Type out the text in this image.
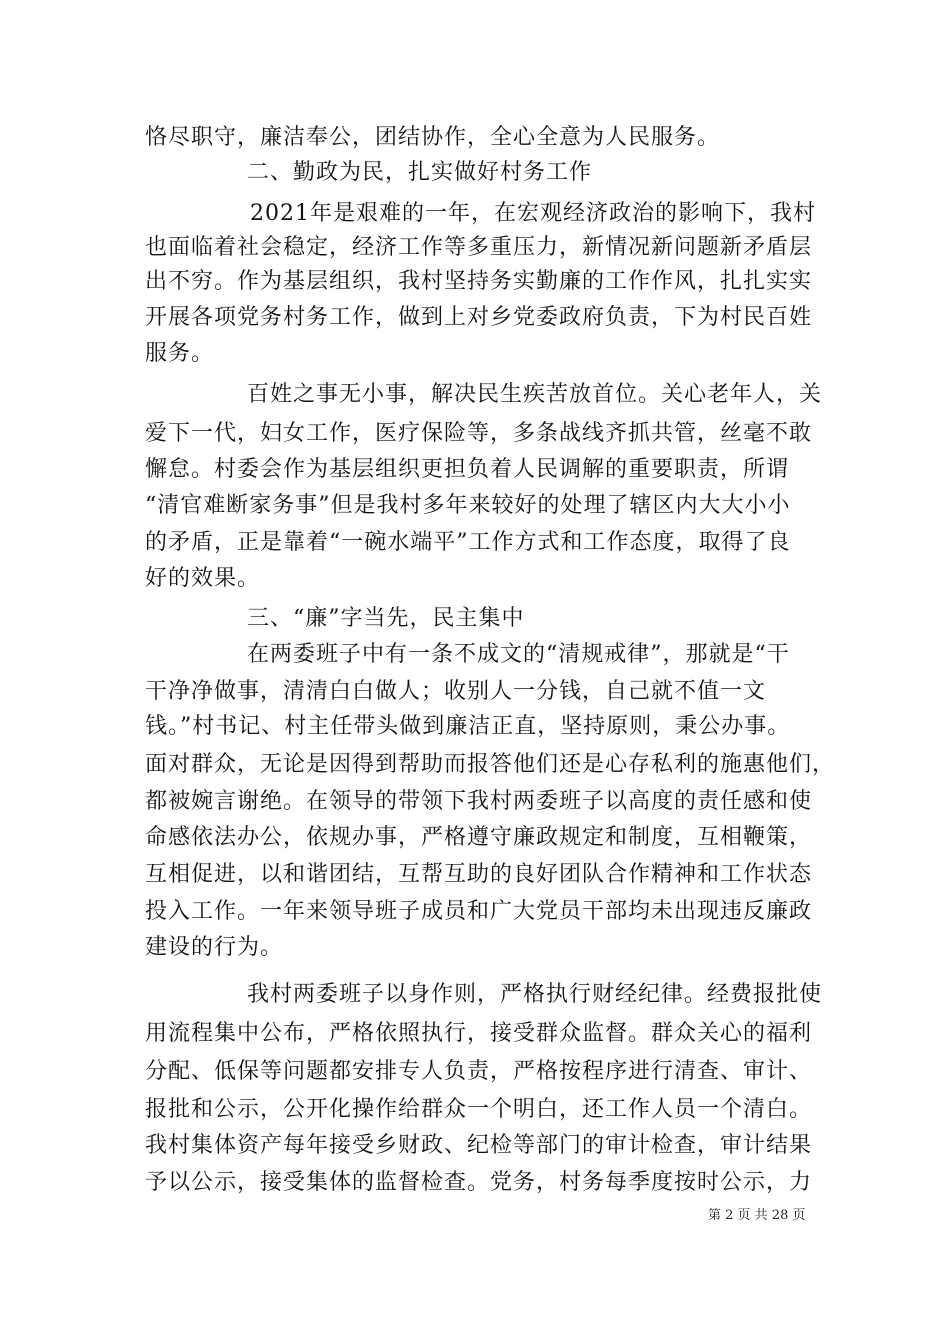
恪尽职守，廉洁奉公，团结协作，全心全意为人民服务。
二、勤政为民，扎实做好村务工作
2021年是艰难的一年，在宏观经济政治的影响下，我村
也面临着社会稳定，经济工作等多重压力，新情况新问题新矛盾层
出不穷。作为基层组织，我村坚持务实勤廉的工作作风，扎扎实实
开展各项党务村务工作，做到上对乡党委政府负责，下为村民百姓
服务。
百姓之事无小事，解决民生疾苦放首位。关心老年人，关
爱下一代，妇女工作，医疗保险等，多条战线齐抓共管，丝毫不敢
懈怠。村委会作为基层组织更担负着人民调解的重要职责，所谓
“清官难断家务事”但是我村多年来较好的处理了辖区内大大小小
的矛盾，正是靠着“一碗水端平”工作方式和工作态度，取得了良
好的效果。
三、“廉”字当先，民主集中
在两委班子中有一条不成文的“清规戒律”，那就是“干
干净净做事，清清白白做人；收别人一分钱，自己就不值一文
钱。”村书记、村主任带头做到廉洁正直，坚持原则，秉公办事。
面对群众，无论是因得到帮助而报答他们还是心存私利的施惠他们，
都被婉言谢绝。在领导的带领下我村两委班子以高度的责任感和使
命感依法办公，依规办事，严格遵守廉政规定和制度，互相鞭策，
互相促进，以和谐团结，互帮互助的良好团队合作精神和工作状态
投入工作。一年来领导班子成员和广大党员干部均未出现违反廉政
建设的行为。
我村两委班子以身作则，严格执行财经纪律。经费报批使
用流程集中公布，严格依照执行，接受群众监督。群众关心的福利
分配、低保等问题都安排专人负责，严格按程序进行清查、审计、
报批和公示，公开化操作给群众一个明白，还工作人员一个清白。
我村集体资产每年接受乡财政、纪检等部门的审计检查，审计结果
予以公示，接受集体的监督检查。党务，村务每季度按时公示，力
第 2 页 共 28 页
